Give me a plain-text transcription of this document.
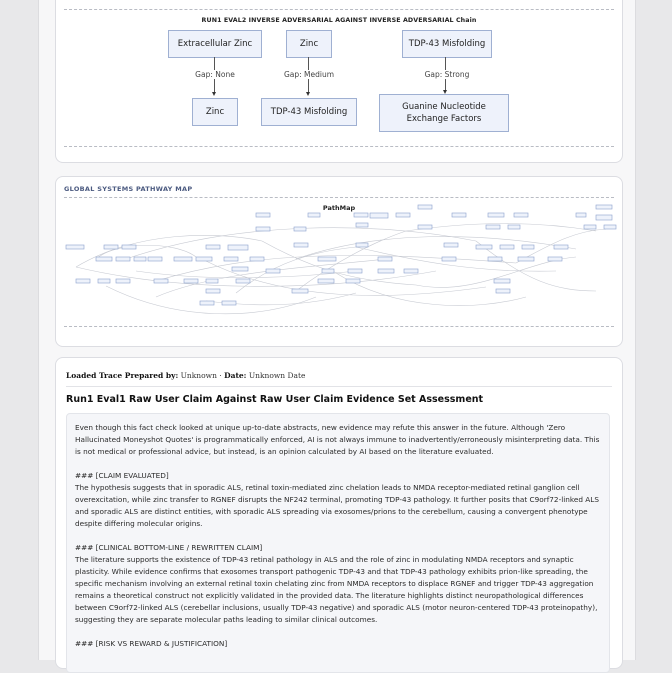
RUN1 EVAL2 INVERSE ADVERSARIAL AGAINST INVERSE ADVERSARIAL Chain
Extracellular Zinc
Gap: None
Zinc
Zinc
Gap: Medium
TDP-43 Misfolding
TDP-43 Misfolding
Gap: Strong
Guanine Nucleotide Exchange Factors
GLOBAL SYSTEMS PATHWAY MAP
PathMap
Loaded Trace Prepared by: Unknown · Date: Unknown Date
Run1 Eval1 Raw User Claim Against Raw User Claim Evidence Set Assessment

Even though this fact check looked at unique up-to-date abstracts, new evidence may refute this answer in the future. Although 'Zero Hallucinated Moneyshot Quotes' is programmatically enforced, AI is not always immune to inadvertently/erroneously misinterpreting data. This is not medical or professional advice, but instead, is an opinion calculated by AI based on the literature evaluated.

### [CLAIM EVALUATED]
The hypothesis suggests that in sporadic ALS, retinal toxin-mediated zinc chelation leads to NMDA receptor-mediated retinal ganglion cell overexcitation, while zinc transfer to RGNEF disrupts the NF242 terminal, promoting TDP-43 pathology. It further posits that C9orf72-linked ALS and sporadic ALS are distinct entities, with sporadic ALS spreading via exosomes/prions to the cerebellum, causing a convergent phenotype despite differing molecular origins.

### [CLINICAL BOTTOM-LINE / REWRITTEN CLAIM]
The literature supports the existence of TDP-43 retinal pathology in ALS and the role of zinc in modulating NMDA receptors and synaptic plasticity. While evidence confirms that exosomes transport pathogenic TDP-43 and that TDP-43 pathology exhibits prion-like spreading, the specific mechanism involving an external retinal toxin chelating zinc from NMDA receptors to displace RGNEF and trigger TDP-43 aggregation remains a theoretical construct not explicitly validated in the provided data. The literature highlights distinct neuropathological differences between C9orf72-linked ALS (cerebellar inclusions, usually TDP-43 negative) and sporadic ALS (motor neuron-centered TDP-43 proteinopathy), suggesting they are separate molecular paths leading to similar clinical outcomes.

### [RISK VS REWARD & JUSTIFICATION]
